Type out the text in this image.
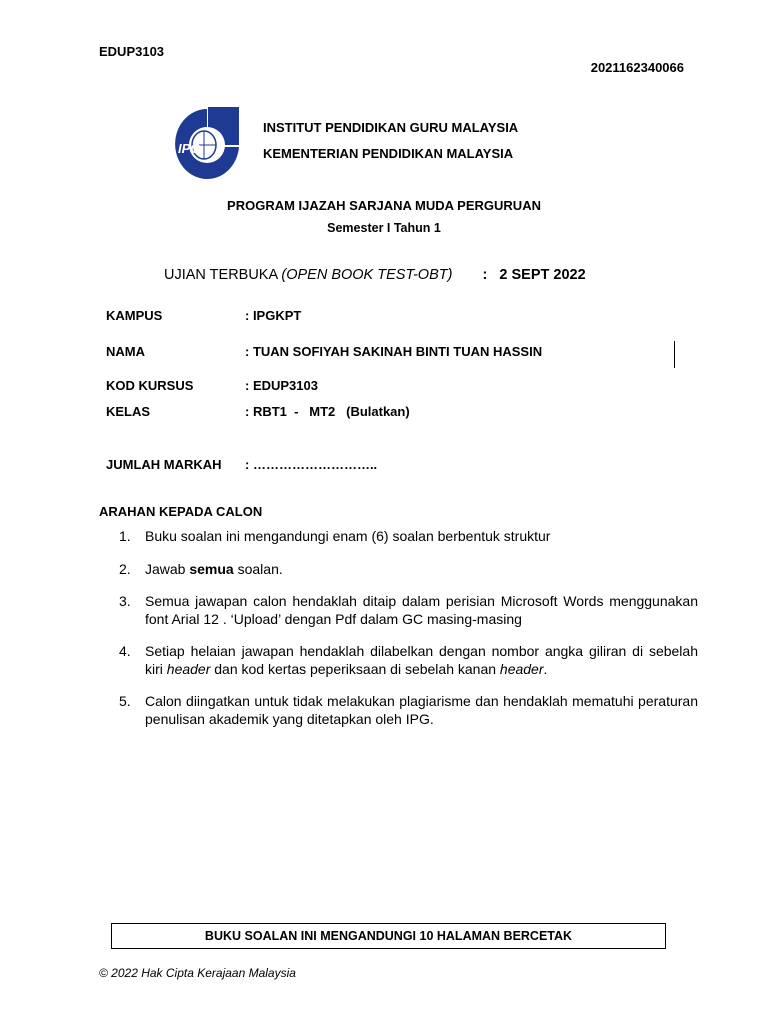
EDUP3103
2021162340066
IPG
INSTITUT PENDIDIKAN GURU MALAYSIA
KEMENTERIAN PENDIDIKAN MALAYSIA
PROGRAM IJAZAH SARJANA MUDA PERGURUAN
Semester I Tahun 1
UJIAN TERBUKA (OPEN BOOK TEST-OBT) : 2 SEPT 2022
KAMPUS	: IPGKPT
NAMA	: TUAN SOFIYAH SAKINAH BINTI TUAN HASSIN
KOD KURSUS	: EDUP3103
KELAS	: RBT1  -   MT2   (Bulatkan)
JUMLAH MARKAH : ………………………..
ARAHAN KEPADA CALON
1.	Buku soalan ini mengandungi enam (6) soalan berbentuk struktur
2.	Jawab semua soalan.
3.	Semua jawapan calon hendaklah ditaip dalam perisian Microsoft Words menggunakan font Arial 12 . ‘Upload’ dengan Pdf dalam GC masing-masing
4.	Setiap helaian jawapan hendaklah dilabelkan dengan nombor angka giliran di sebelah kiri header dan kod kertas peperiksaan di sebelah kanan header.
5.	Calon diingatkan untuk tidak melakukan plagiarisme dan hendaklah mematuhi peraturan penulisan akademik yang ditetapkan oleh IPG.
BUKU SOALAN INI MENGANDUNGI 10 HALAMAN BERCETAK
© 2022 Hak Cipta Kerajaan Malaysia
